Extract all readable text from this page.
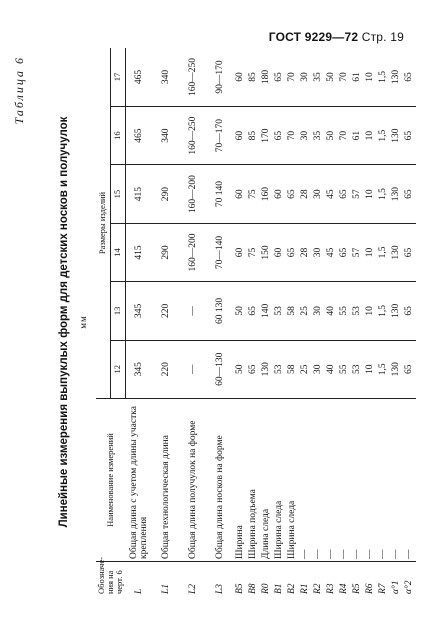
ГОСТ 9229—72 Стр. 19
Таблица 6
Линейные измерения выпуклых форм для детских носков и получулок мм
Обозначе-ния на черт. 6	Наименование измерений	Размеры изделий					
		12	13	14	15	16	17
L	Общая длина с учетом длины участка крепления	345	345	415	415	465	465
L1	Общая технологическая длина	220	220	290	290	340	340
L2	Общая длина получулок на форме	—	—	160—200	160—200	160—250	160—250
L3	Общая длина носков на форме	60—130	60 130	70—140	70 140	70—170	90—170
B5	Ширина	50	50	60	60	60	60
B8	Ширина подъема	65	65	75	75	85	85
R0	Длина следа	130	140	150	160	170	180
B1	Ширина следа	53	53	60	60	65	65
B2	Ширина следа	58	58	65	65	70	70
R1	—	25	25	28	28	30	30
R2	—	30	30	30	30	35	35
R3	—	40	40	45	45	50	50
R4	—	55	55	65	65	70	70
R5	—	53	53	57	57	61	61
R6	—	10	10	10	10	10	10
R7	—	1,5	1,5	1,5	1,5	1,5	1,5
α°1	—	130	130	130	130	130	130
α°2	—	65	65	65	65	65	65
